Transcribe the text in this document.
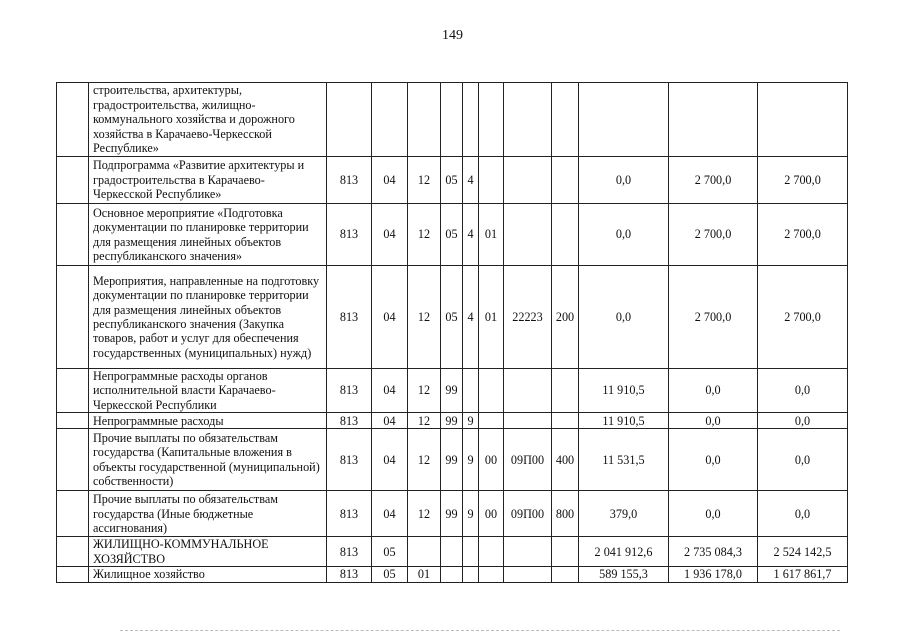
149
	строительства, архитектуры, градостроительства, жилищно-коммунального хозяйства и дорожного хозяйства в Карачаево-Черкесской Республике»											
	Подпрограмма «Развитие архитектуры и градостроительства в Карачаево-Черкесской Республике»	813	04	12	05	4				0,0	2 700,0	2 700,0
	Основное мероприятие «Подготовка документации по планировке территории для размещения линейных объектов республиканского значения»	813	04	12	05	4	01			0,0	2 700,0	2 700,0
	Мероприятия, направленные на подготовку документации по планировке территории для размещения линейных объектов республиканского значения (Закупка товаров, работ и услуг для обеспечения государственных (муниципальных) нужд)	813	04	12	05	4	01	22223	200	0,0	2 700,0	2 700,0
	Непрограммные расходы органов исполнительной власти Карачаево-Черкесской Республики	813	04	12	99					11 910,5	0,0	0,0
	Непрограммные расходы	813	04	12	99	9				11 910,5	0,0	0,0
	Прочие выплаты по обязательствам государства (Капитальные вложения в объекты государственной (муниципальной) собственности)	813	04	12	99	9	00	09П00	400	11 531,5	0,0	0,0
	Прочие выплаты по обязательствам государства (Иные бюджетные ассигнования)	813	04	12	99	9	00	09П00	800	379,0	0,0	0,0
	ЖИЛИЩНО-КОММУНАЛЬНОЕ ХОЗЯЙСТВО	813	05							2 041 912,6	2 735 084,3	2 524 142,5
	Жилищное хозяйство	813	05	01						589 155,3	1 936 178,0	1 617 861,7
